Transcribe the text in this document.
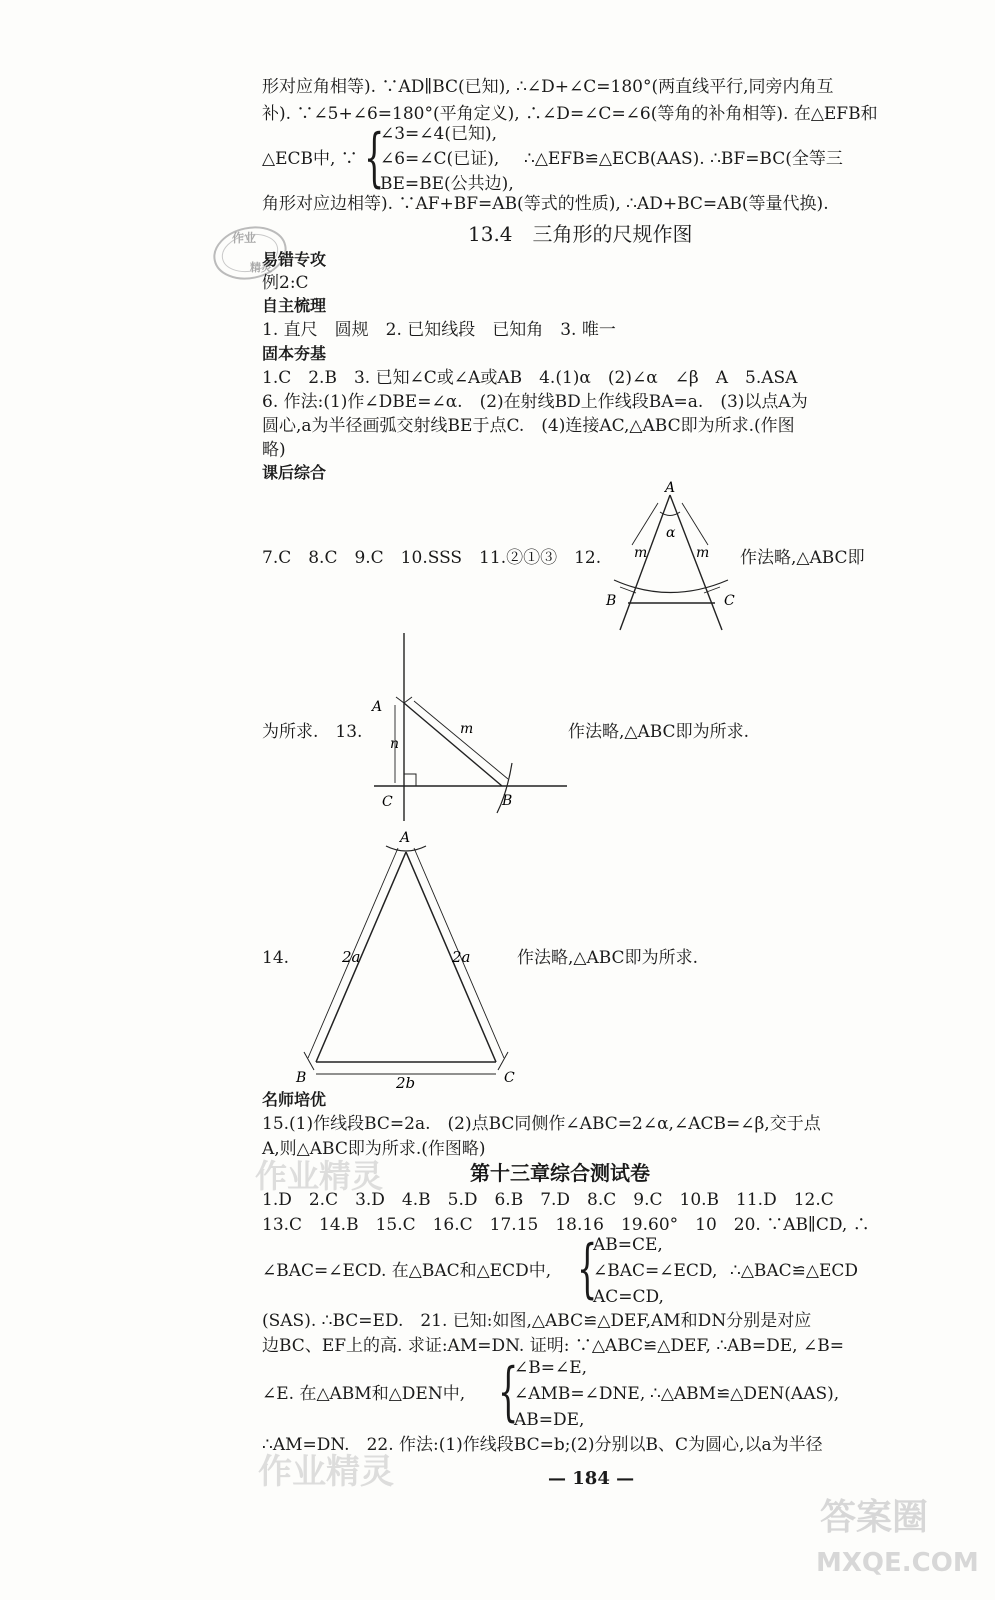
形对应角相等). ∵AD∥BC(已知), ∴∠D+∠C=180°(两直线平行,同旁内角互
补). ∵∠5+∠6=180°(平角定义), ∴∠D=∠C=∠6(等角的补角相等). 在△EFB和
△ECB中, ∵ {
∠3=∠4(已知),
∠6=∠C(已证), ∴△EFB≌△ECB(AAS). ∴BF=BC(全等三
BE=BE(公共边),
角形对应边相等). ∵AF+BF=AB(等式的性质), ∴AD+BC=AB(等量代换).
作业
精灵
13.4　三角形的尺规作图
易错专攻
例2:C
自主梳理
1. 直尺　圆规　2. 已知线段　已知角　3. 唯一
固本夯基
1.C　2.B　3. 已知∠C或∠A或AB　4.(1)α　(2)∠α　∠β　A　5.ASA
6. 作法:(1)作∠DBE=∠α.　(2)在射线BD上作线段BA=a.　(3)以点A为
圆心,a为半径画弧交射线BE于点C.　(4)连接AC,△ABC即为所求.(作图
略)
课后综合
7.C　8.C　9.C　10.SSS　11.②①③　12.	作法略,△ABC即
A
B	C
α
m	m
为所求.　13.	作法略,△ABC即为所求.
A
C	B
n
m
14.	作法略,△ABC即为所求.
A
B	C
2a	2a
2b
名师培优
15.(1)作线段BC=2a.　(2)点BC同侧作∠ABC=2∠α,∠ACB=∠β,交于点
A,则△ABC即为所求.(作图略)
第十三章综合测试卷
1.D　2.C　3.D　4.B　5.D　6.B　7.D　8.C　9.C　10.B　11.D　12.C
13.C　14.B　15.C　16.C　17.15　18.16　19.60°　10　20. ∵AB∥CD, ∴
∠BAC=∠ECD. 在△BAC和△ECD中, {
AB=CE,
∠BAC=∠ECD, ∴△BAC≌△ECD
AC=CD,
(SAS). ∴BC=ED.　21. 已知:如图,△ABC≌△DEF,AM和DN分别是对应
边BC、EF上的高. 求证:AM=DN. 证明: ∵△ABC≌△DEF, ∴AB=DE, ∠B=
∠E. 在△ABM和△DEN中, {
∠B=∠E,
∠AMB=∠DNE, ∴△ABM≌△DEN(AAS),
AB=DE,
∴AM=DN.　22. 作法:(1)作线段BC=b;(2)分别以B、C为圆心,以a为半径
— 184 —
作业精灵
作业精灵
答案圈
MXQE.COM
